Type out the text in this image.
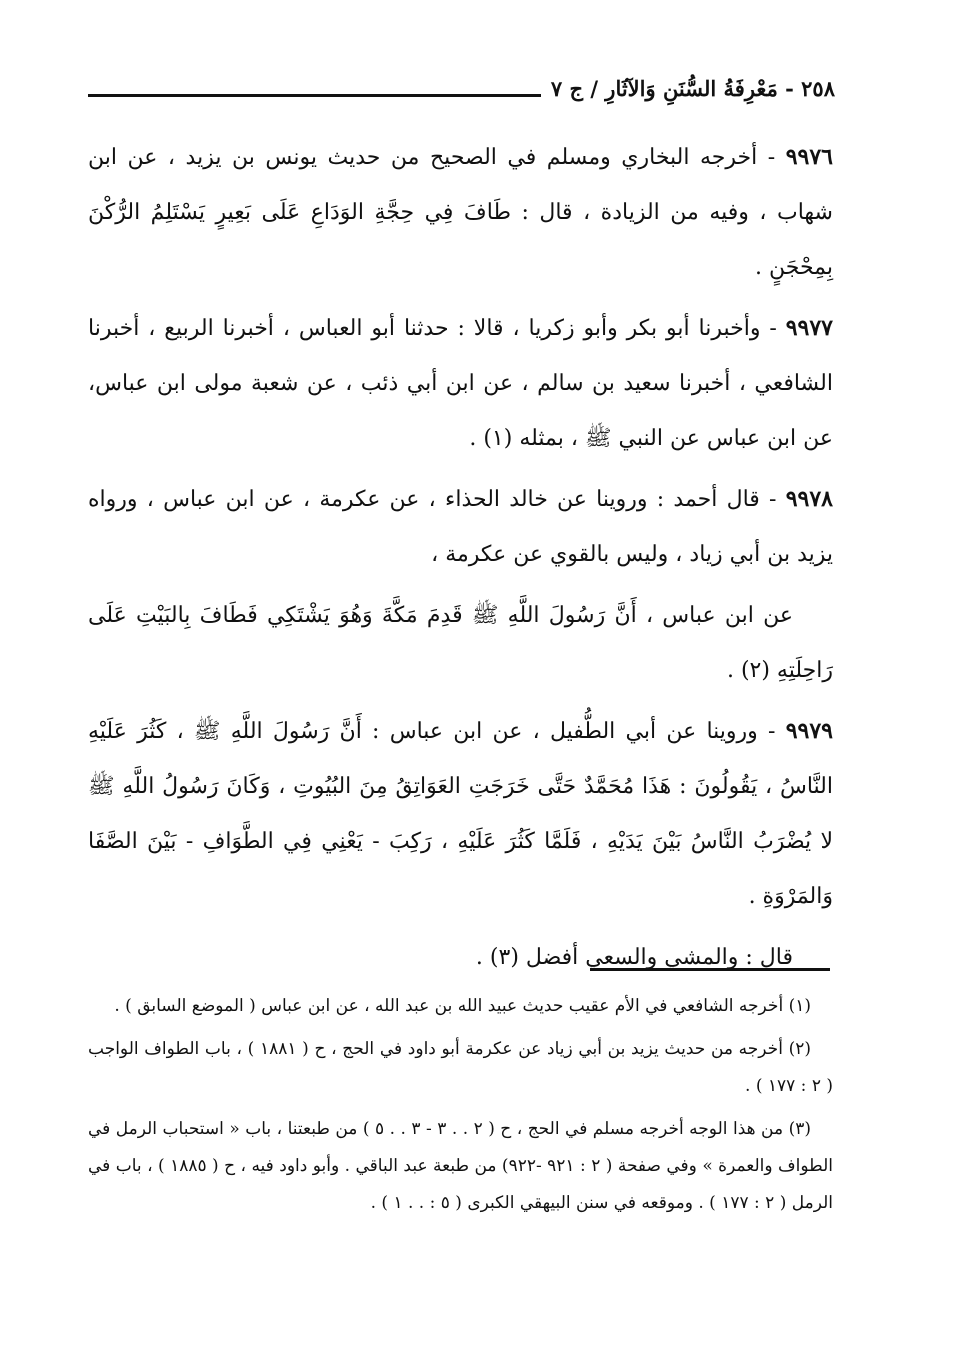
٢٥٨ - مَعْرِفَةُ السُّنَنِ وَالآثَارِ / ج ٧

٩٩٧٦ - أخرجه البخاري ومسلم في الصحيح من حديث يونس بن يزيد ، عن ابن شهاب ، وفيه من الزيادة ، قال : طَافَ فِي حِجَّةِ الوَدَاعِ عَلَى بَعِيرٍ يَسْتَلِمُ الرُّكْنَ بِمِحْجَنٍ .

٩٩٧٧ - وأخبرنا أبو بكر وأبو زكريا ، قالا : حدثنا أبو العباس ، أخبرنا الربيع ، أخبرنا الشافعي ، أخبرنا سعيد بن سالم ، عن ابن أبي ذئب ، عن شعبة مولى ابن عباس، عن ابن عباس عن النبي ﷺ ، بمثله (١) .

٩٩٧٨ - قال أحمد : وروينا عن خالد الحذاء ، عن عكرمة ، عن ابن عباس ، ورواه يزيد بن أبي زياد ، وليس بالقوي عن عكرمة ،

عن ابن عباس ، أَنَّ رَسُولَ اللَّهِ ﷺ قَدِمَ مَكَّةَ وَهُوَ يَشْتَكِي فَطَافَ بِالبَيْتِ عَلَى رَاحِلَتِهِ (٢) .

٩٩٧٩ - وروينا عن أبي الطُّفيل ، عن ابن عباس : أَنَّ رَسُولَ اللَّهِ ﷺ ، كَثُرَ عَلَيْهِ النَّاسُ ، يَقُولُونَ : هَذَا مُحَمَّدٌ حَتَّى خَرَجَتِ العَوَاتِقُ مِنَ البُيُوتِ ، وَكَانَ رَسُولُ اللَّهِ ﷺ لا يُضْرَبُ النَّاسُ بَيْنَ يَدَيْهِ ، فَلَمَّا كَثُرَ عَلَيْهِ ، رَكِبَ - يَعْنِي فِي الطَّوَافِ - بَيْنَ الصَّفَا وَالمَرْوَةِ .

قال : والمشي والسعي أفضل (٣) .

(١) أخرجه الشافعي في الأم عقيب حديث عبيد الله بن عبد الله ، عن ابن عباس ( الموضع السابق ) .

(٢) أخرجه من حديث يزيد بن أبي زياد عن عكرمة أبو داود في الحج ، ح ( ١٨٨١ ) ، باب الطواف الواجب ( ٢ : ١٧٧ ) .

(٣) من هذا الوجه أخرجه مسلم في الحج ، ح ( ٢ . . ٣ - ٣ . . ٥ ) من طبعتنا ، باب « استحباب الرمل في الطواف والعمرة » وفي صفحة ( ٢ : ٩٢١ -٩٢٢) من طبعة عبد الباقي . وأبو داود فيه ، ح ( ١٨٨٥ ) ، باب في الرمل ( ٢ : ١٧٧ ) . وموقعه في سنن البيهقي الكبرى ( ٥ : . . ١ ) .
